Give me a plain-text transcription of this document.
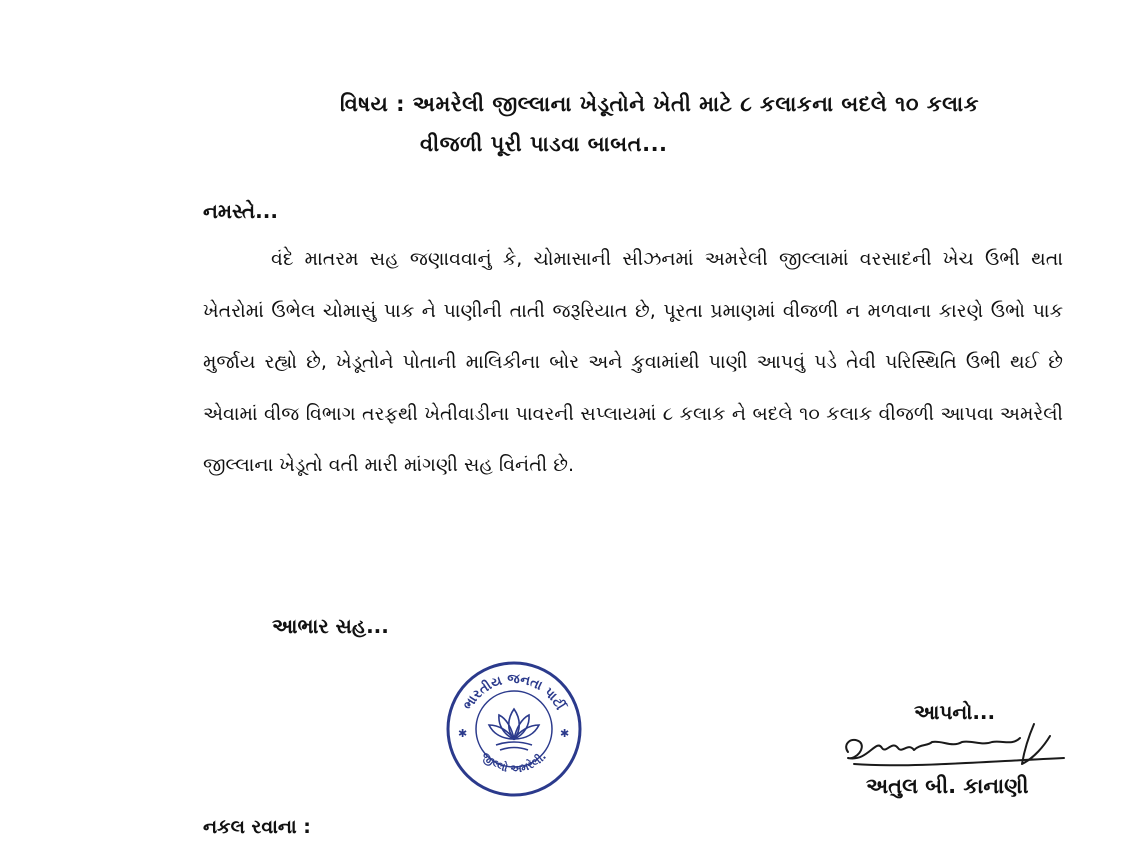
વિષય : અમરેલી જીલ્લાના ખેડૂતોને ખેતી માટે ૮ કલાકના બદલે ૧૦ કલાક
વીજળી પૂરી પાડવા બાબત...
નમસ્તે...

વંદે માતરમ સહ જણાવવાનું કે, ચોમાસાની સીઝનમાં અમરેલી જીલ્લામાં વરસાદની ખેચ ઉભી થતા ખેતરોમાં ઉભેલ ચોમાસું પાક ને પાણીની તાતી જરૂરિયાત છે, પૂરતા પ્રમાણમાં વીજળી ન મળવાના કારણે ઉભો પાક મુર્જાય રહ્યો છે, ખેડૂતોને પોતાની માલિકીના બોર અને કુવામાંથી પાણી આપવું પડે તેવી પરિસ્થિતિ ઉભી થઈ છે એવામાં વીજ વિભાગ તરફથી ખેતીવાડીના પાવરની સપ્લાયમાં ૮ કલાક ને બદલે ૧૦ કલાક વીજળી આપવા અમરેલી જીલ્લાના ખેડૂતો વતી મારી માંગણી સહ વિનંતી છે.

આભાર સહ...
ભારતીય જનતા પાર્ટી
જીલ્લો અમરેલી.
✱	✱
આપનો...
અતુલ બી. કાનાણી
નકલ રવાના :
